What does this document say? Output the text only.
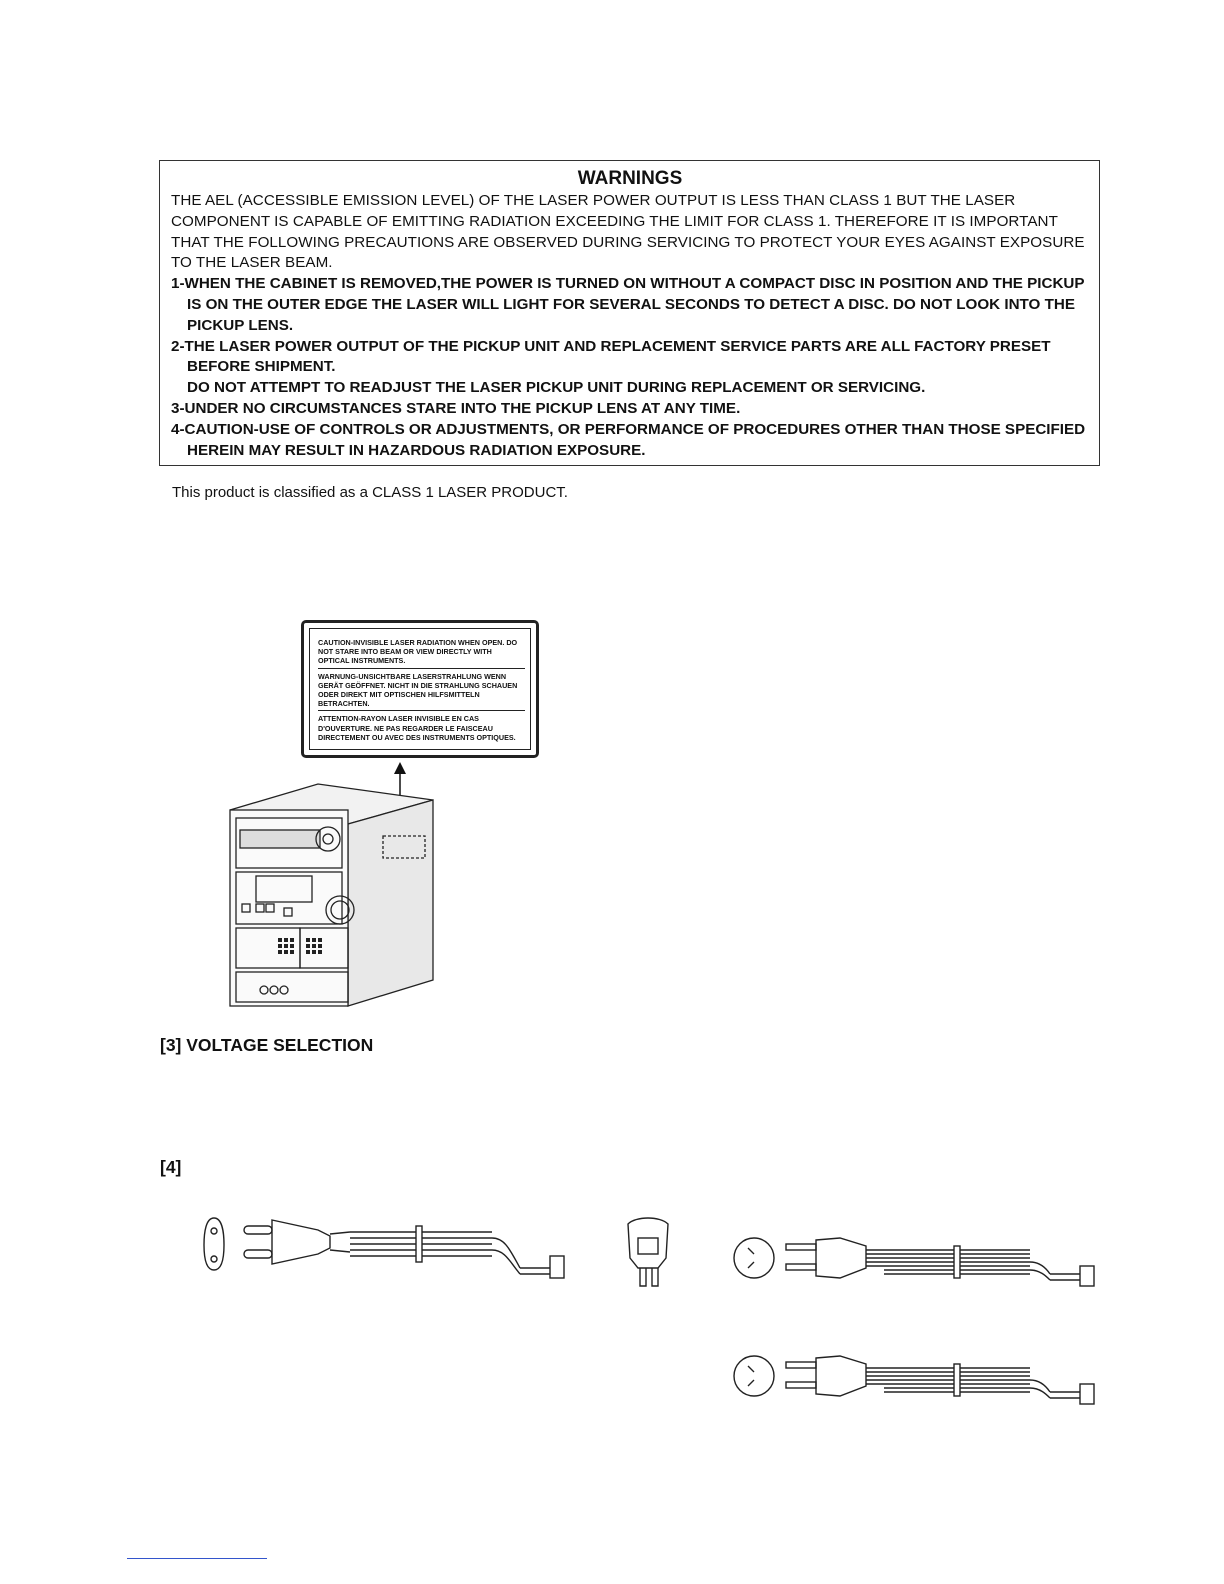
WARNINGS
THE AEL (ACCESSIBLE EMISSION LEVEL) OF THE LASER POWER OUTPUT IS LESS THAN CLASS 1 BUT THE LASER COMPONENT IS CAPABLE OF EMITTING RADIATION EXCEEDING THE LIMIT FOR CLASS 1. THEREFORE IT IS IMPORTANT THAT THE FOLLOWING PRECAUTIONS ARE OBSERVED DURING SERVICING TO PROTECT YOUR EYES AGAINST EXPOSURE TO THE LASER BEAM.
1-WHEN THE CABINET IS REMOVED,THE POWER IS TURNED ON WITHOUT A COMPACT DISC IN POSITION AND THE PICKUP IS ON THE OUTER EDGE THE LASER WILL LIGHT FOR SEVERAL SECONDS TO DETECT A DISC. DO NOT LOOK INTO THE PICKUP LENS.
2-THE LASER POWER OUTPUT OF THE PICKUP UNIT AND REPLACEMENT SERVICE PARTS ARE ALL FACTORY PRESET BEFORE SHIPMENT.
DO NOT ATTEMPT TO READJUST THE LASER PICKUP UNIT DURING REPLACEMENT OR SERVICING.
3-UNDER NO CIRCUMSTANCES STARE INTO THE PICKUP LENS AT ANY TIME.
4-CAUTION-USE OF CONTROLS OR ADJUSTMENTS, OR PERFORMANCE OF PROCEDURES OTHER THAN THOSE SPECIFIED HEREIN MAY RESULT IN HAZARDOUS RADIATION EXPOSURE.
This product is classified as a CLASS 1 LASER PRODUCT.
CAUTION-INVISIBLE LASER RADIATION WHEN OPEN. DO NOT STARE INTO BEAM OR VIEW DIRECTLY WITH OPTICAL INSTRUMENTS.
WARNUNG-UNSICHTBARE LASERSTRAHLUNG WENN GERÄT GEÖFFNET. NICHT IN DIE STRAHLUNG SCHAUEN ODER DIREKT MIT OPTISCHEN HILFSMITTELN BETRACHTEN.
ATTENTION-RAYON LASER INVISIBLE EN CAS D'OUVERTURE. NE PAS REGARDER LE FAISCEAU DIRECTEMENT OU AVEC DES INSTRUMENTS OPTIQUES.
[3] VOLTAGE SELECTION
[4]
